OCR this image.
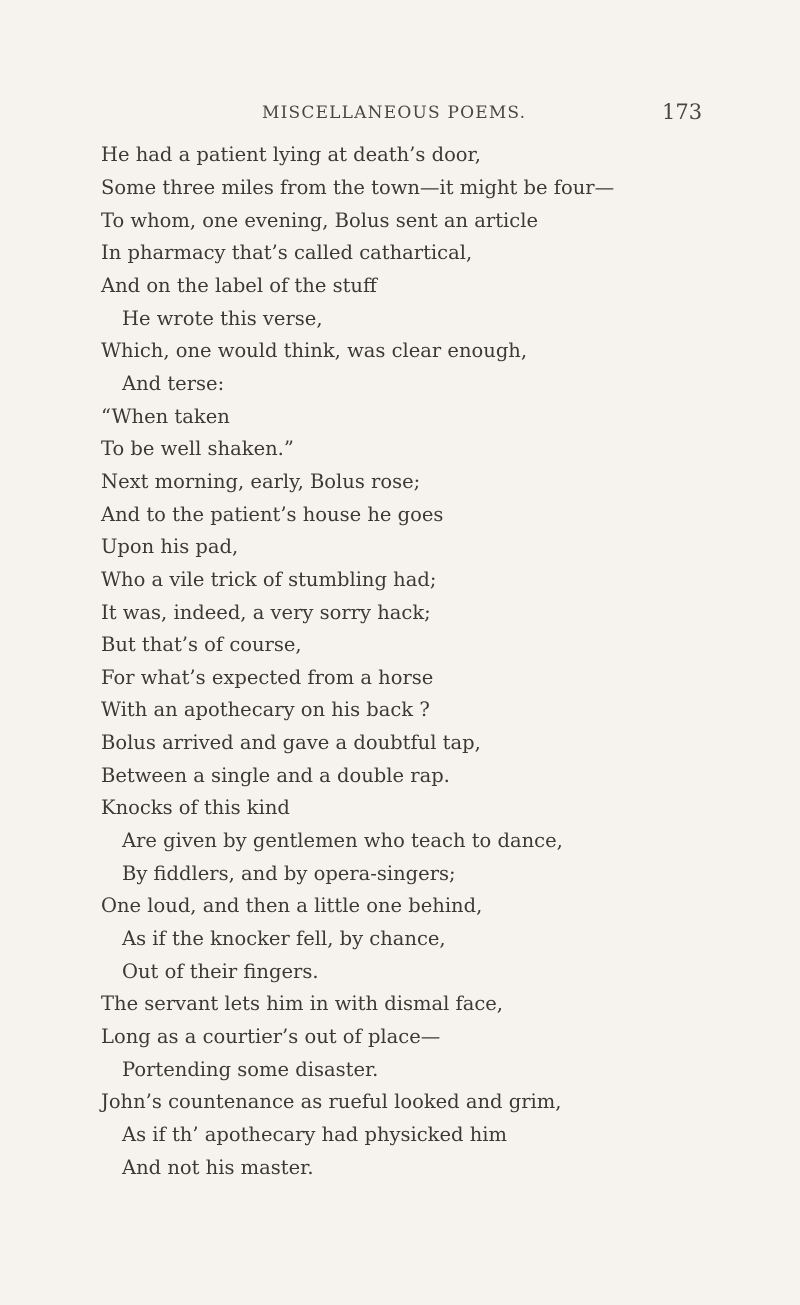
MISCELLANEOUS POEMS.	173
He had a patient lying at death’s door,
Some three miles from the town—it might be four—
To whom, one evening, Bolus sent an article
In pharmacy that’s called cathartical,
And on the label of the stuff
He wrote this verse,
Which, one would think, was clear enough,
And terse:
“When taken
To be well shaken.”
Next morning, early, Bolus rose;
And to the patient’s house he goes
Upon his pad,
Who a vile trick of stumbling had;
It was, indeed, a very sorry hack;
But that’s of course,
For what’s expected from a horse
With an apothecary on his back ?
Bolus arrived and gave a doubtful tap,
Between a single and a double rap.
Knocks of this kind
Are given by gentlemen who teach to dance,
By fiddlers, and by opera-singers;
One loud, and then a little one behind,
As if the knocker fell, by chance,
Out of their fingers.
The servant lets him in with dismal face,
Long as a courtier’s out of place—
Portending some disaster.
John’s countenance as rueful looked and grim,
As if th’ apothecary had physicked him
And not his master.
